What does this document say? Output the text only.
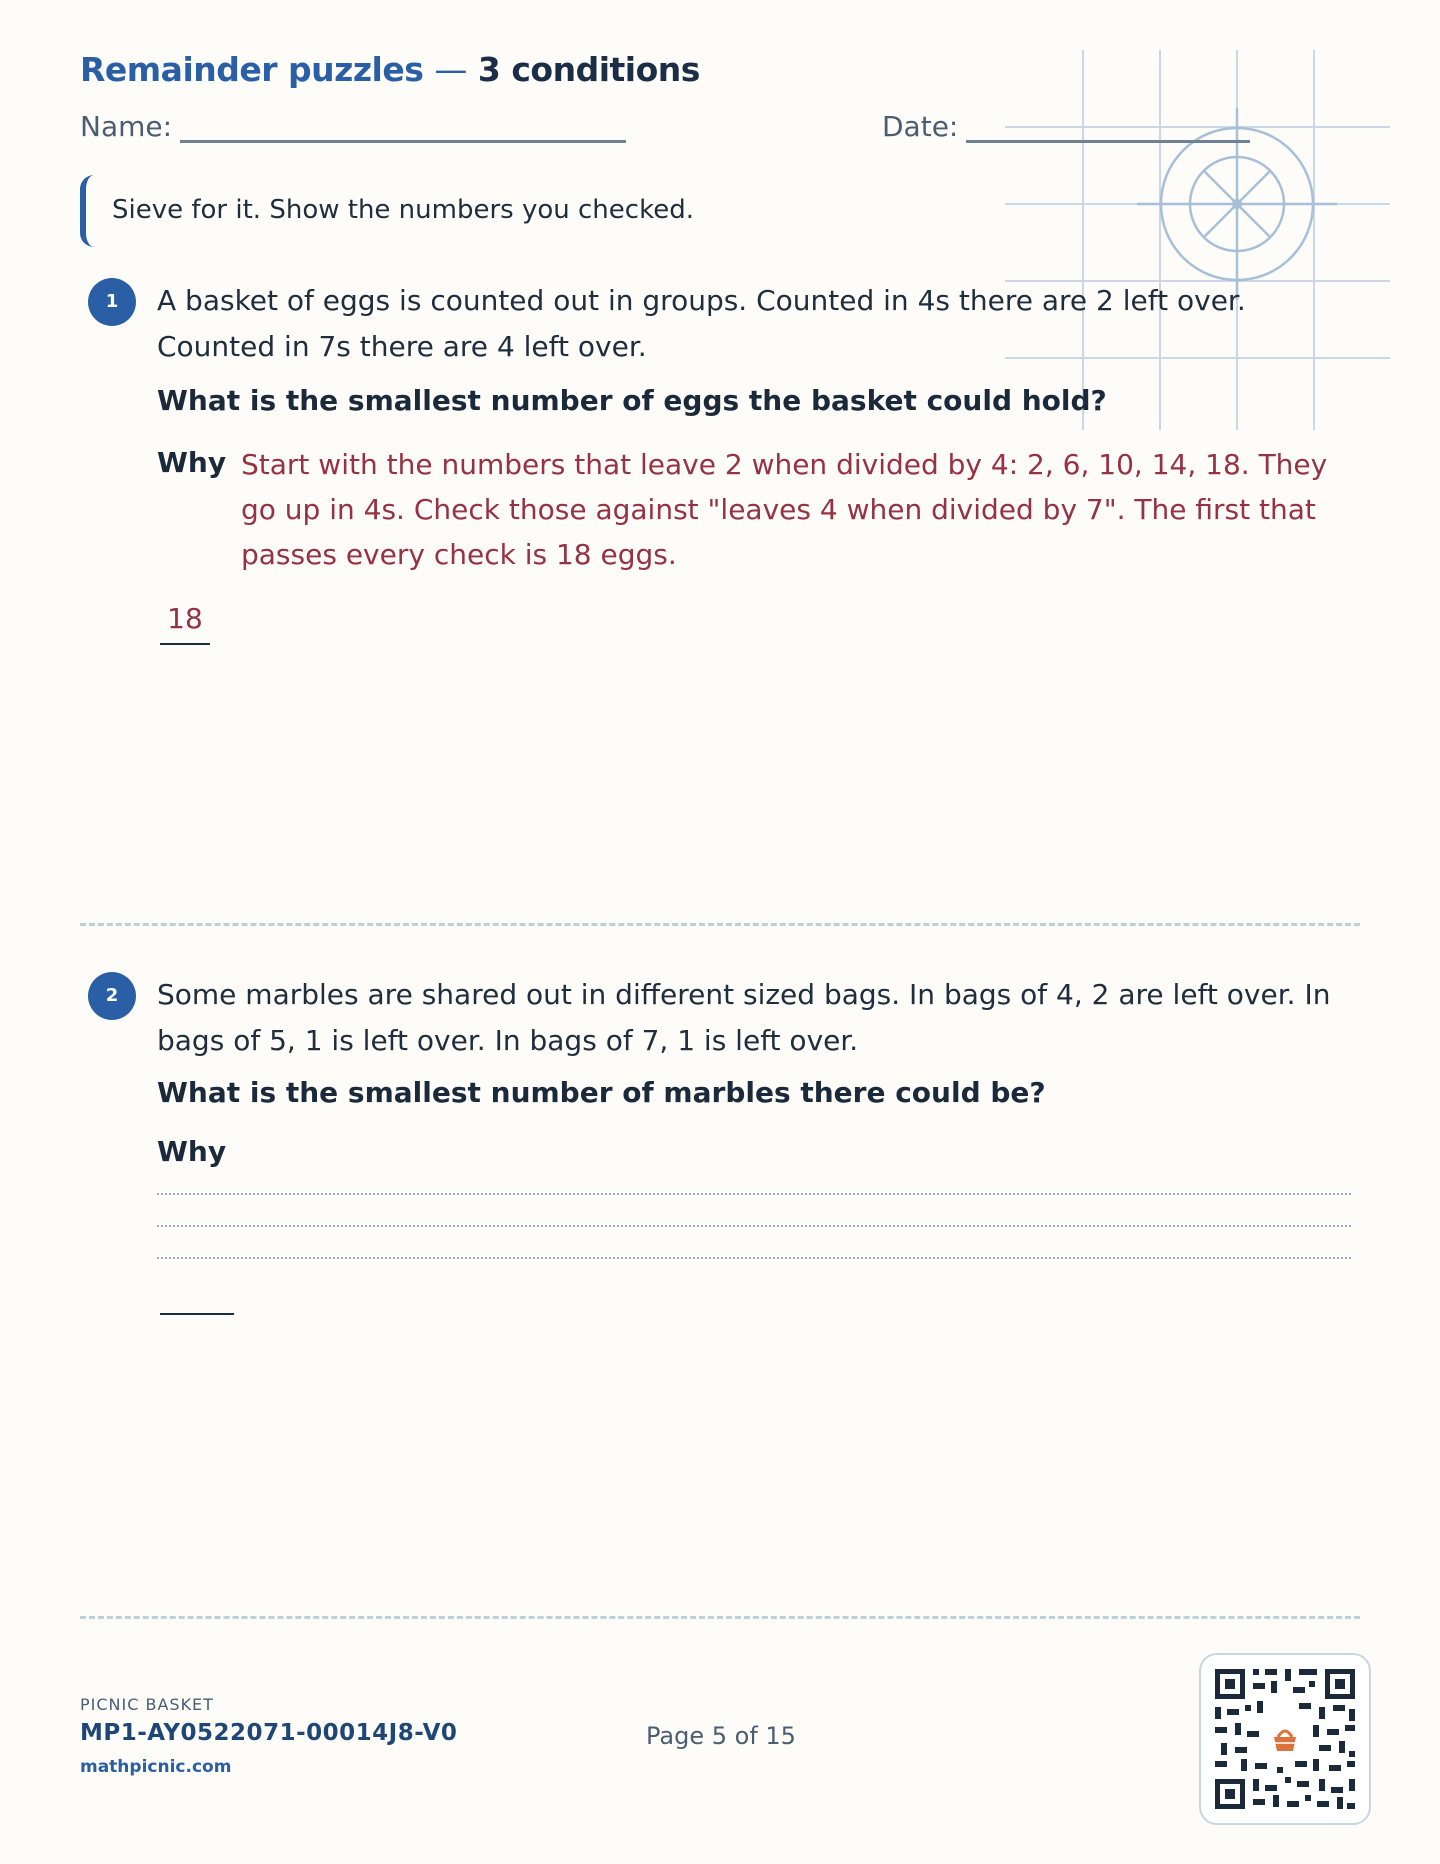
Remainder puzzles — 3 conditions
Name:	Date:
Sieve for it. Show the numbers you checked.
1	A basket of eggs is counted out in groups. Counted in 4s there are 2 left over. Counted in 7s there are 4 left over.
What is the smallest number of eggs the basket could hold?
Why Start with the numbers that leave 2 when divided by 4: 2, 6, 10, 14, 18. They go up in 4s. Check those against "leaves 4 when divided by 7". The first that passes every check is 18 eggs.
18
2	Some marbles are shared out in different sized bags. In bags of 4, 2 are left over. In bags of 5, 1 is left over. In bags of 7, 1 is left over.
What is the smallest number of marbles there could be?
Why
PICNIC BASKET
MP1-AY0522071-00014J8-V0
mathpicnic.com
Page 5 of 15
